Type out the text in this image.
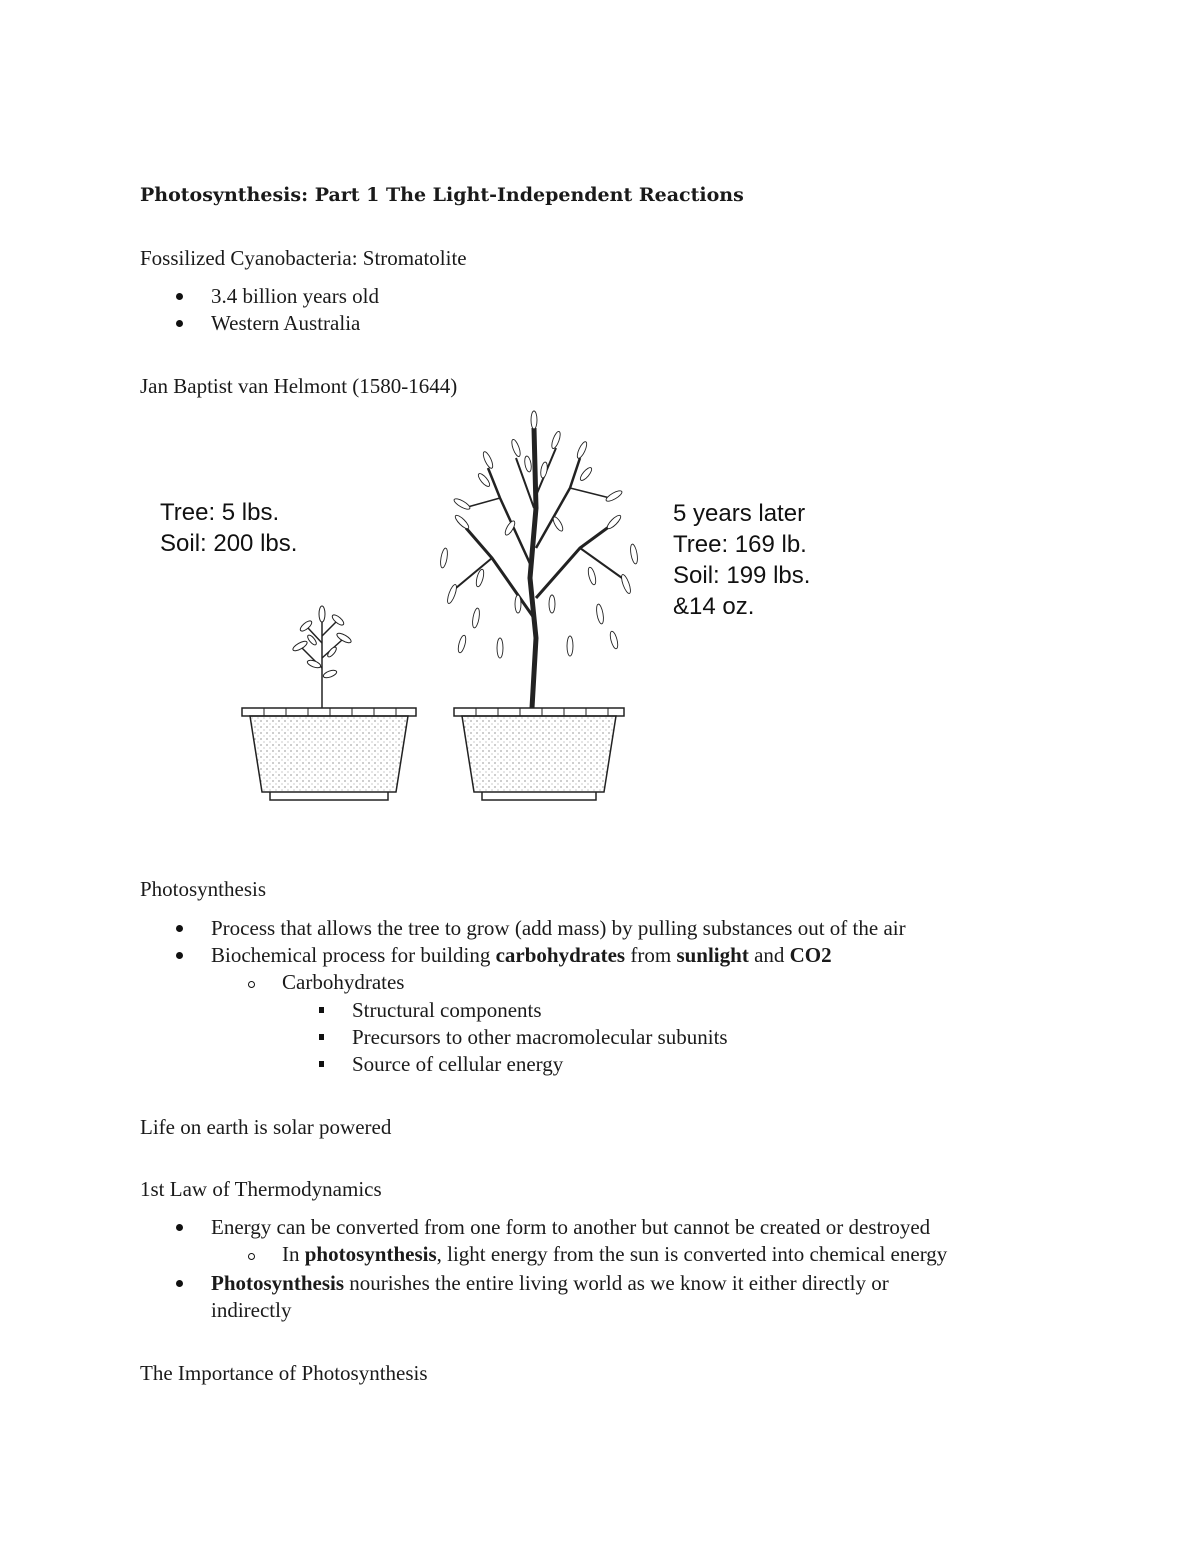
Photosynthesis: Part 1 The Light-Independent Reactions
Fossilized Cyanobacteria: Stromatolite
3.4 billion years old
Western Australia
Jan Baptist van Helmont (1580-1644)
Tree: 5 lbs.
Soil: 200 lbs.
5 years later
Tree: 169 lb.
Soil: 199 lbs.
&14 oz.
Photosynthesis
Process that allows the tree to grow (add mass) by pulling substances out of the air
Biochemical process for building carbohydrates from sunlight and CO2
Carbohydrates
Structural components
Precursors to other macromolecular subunits
Source of cellular energy
Life on earth is solar powered
1st Law of Thermodynamics
Energy can be converted from one form to another but cannot be created or destroyed
In photosynthesis, light energy from the sun is converted into chemical energy
Photosynthesis nourishes the entire living world as we know it either directly or
indirectly
The Importance of Photosynthesis
